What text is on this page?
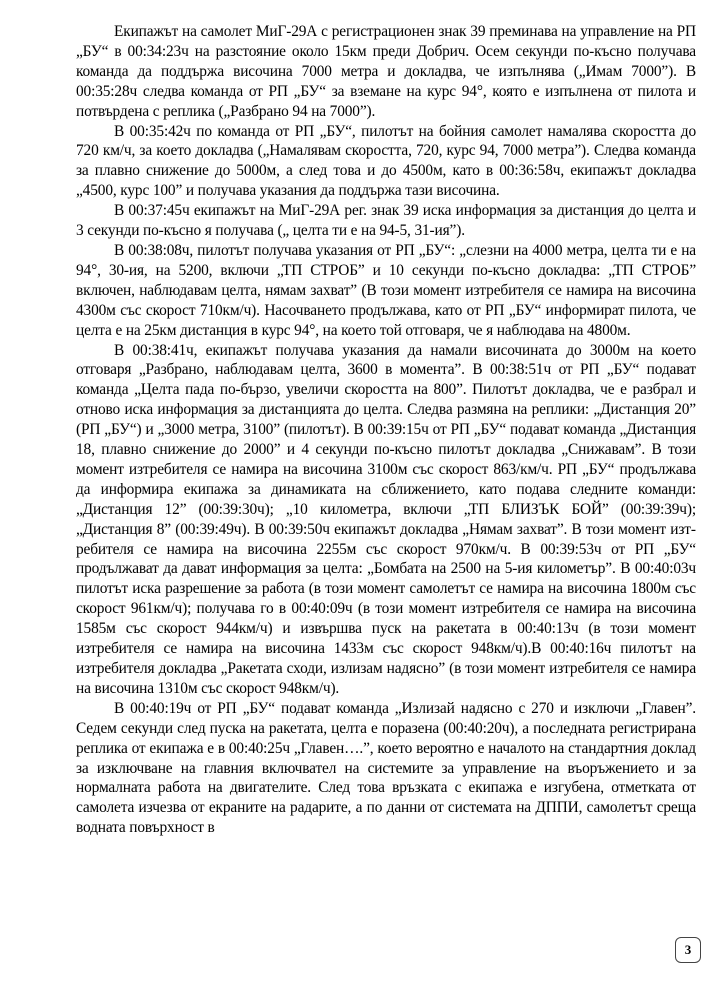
Екипажът на самолет МиГ-29А с регистрационен знак 39 преминава на управление на РП „БУ“ в 00:34:23ч на разстояние около 15км преди Добрич. Осем секунди по-късно получава команда да поддържа височина 7000 метра и докладва, че изпълнява („Имам 7000”). В 00:35:28ч следва команда от РП „БУ“ за вземане на курс 94°, която е изпълнена от пилота и потвърдена с реплика („Разбрано 94 на 7000”).

В 00:35:42ч по команда от РП „БУ“, пилотът на бойния самолет намалява скоростта до 720 км/ч, за което докладва („Намалявам скоростта, 720, курс 94, 7000 метра”). Следва команда за плавно снижение до 5000м, а след това и до 4500м, като в 00:36:58ч, екипажът докладва „4500, курс 100” и получава указания да поддържа тази височина.

В 00:37:45ч екипажът на МиГ-29А рег. знак 39 иска информация за дистанция до целта и 3 секунди по-късно я получава („ целта ти е на 94-5, 31-ия”).

В 00:38:08ч, пилотът получава указания от РП „БУ“: „слезни на 4000 метра, целта ти е на 94°, 30-ия, на 5200, включи „ТП СТРОБ” и 10 секунди по-късно докладва: „ТП СТРОБ” включен, наблюдавам целта, нямам захват” (В този момент изтребителя се намира на височина 4300м със скорост 710км/ч). Насочването продължава, като от РП „БУ“ информират пилота, че целта е на 25км дистанция в курс 94°, на което той отговаря, че я наблюдава на 4800м.

В 00:38:41ч, екипажът получава указания да намали височината до 3000м на което отговаря „Разбрано, наблюдавам целта, 3600 в момента”. В 00:38:51ч от РП „БУ“ подават команда „Целта пада по-бързо, увеличи скоростта на 800”. Пилотът докладва, че е разбрал и отново иска информация за дистанцията до целта. Следва размяна на реплики: „Дистанция 20” (РП „БУ“) и „3000 метра, 3100” (пилотът). В 00:39:15ч от РП „БУ“ подават команда „Дистанция 18, плавно снижение до 2000” и 4 секунди по-късно пилотът докладва „Снижавам”. В този момент изтребителя се намира на височина 3100м със скорост 863/км/ч. РП „БУ“ продължава да информира екипажа за динамиката на сближението, като подава следните команди: „Дистанция 12” (00:39:30ч); „10 километра, включи „ТП БЛИЗЪК БОЙ” (00:39:39ч); „Дистанция 8” (00:39:49ч). В 00:39:50ч екипажът докладва „Нямам захват”. В този момент изтребителя се намира на височина 2255м със скорост 970км/ч. В 00:39:53ч от РП „БУ“ продължават да дават информация за целта: „Бомбата на 2500 на 5-ия километър”. В 00:40:03ч пилотът иска разрешение за работа (в този момент самолетът се намира на височина 1800м със скорост 961км/ч); получава го в 00:40:09ч (в този момент изтребителя се намира на височина 1585м със скорост 944км/ч) и извършва пуск на ракетата в 00:40:13ч (в този момент изтребителя се намира на височина 1433м със скорост 948км/ч).В 00:40:16ч пилотът на изтребителя докладва „Ракетата сходи, излизам надясно” (в този момент изтребителя се намира на височина 1310м със скорост 948км/ч).

В 00:40:19ч от РП „БУ“ подават команда „Излизай надясно с 270 и изключи „Главен”. Седем секунди след пуска на ракетата, целта е поразена (00:40:20ч), а последната регистрирана реплика от екипажа е в 00:40:25ч „Главен….”, което вероятно е началото на стандартния доклад за изключване на главния включвател на системите за управление на въоръжението и за нормалната работа на двигателите. След това връзката с екипажа е изгубена, отметката от самолета изчезва от екраните на радарите, а по данни от системата на ДППИ, самолетът среща водната повърхност в

3
